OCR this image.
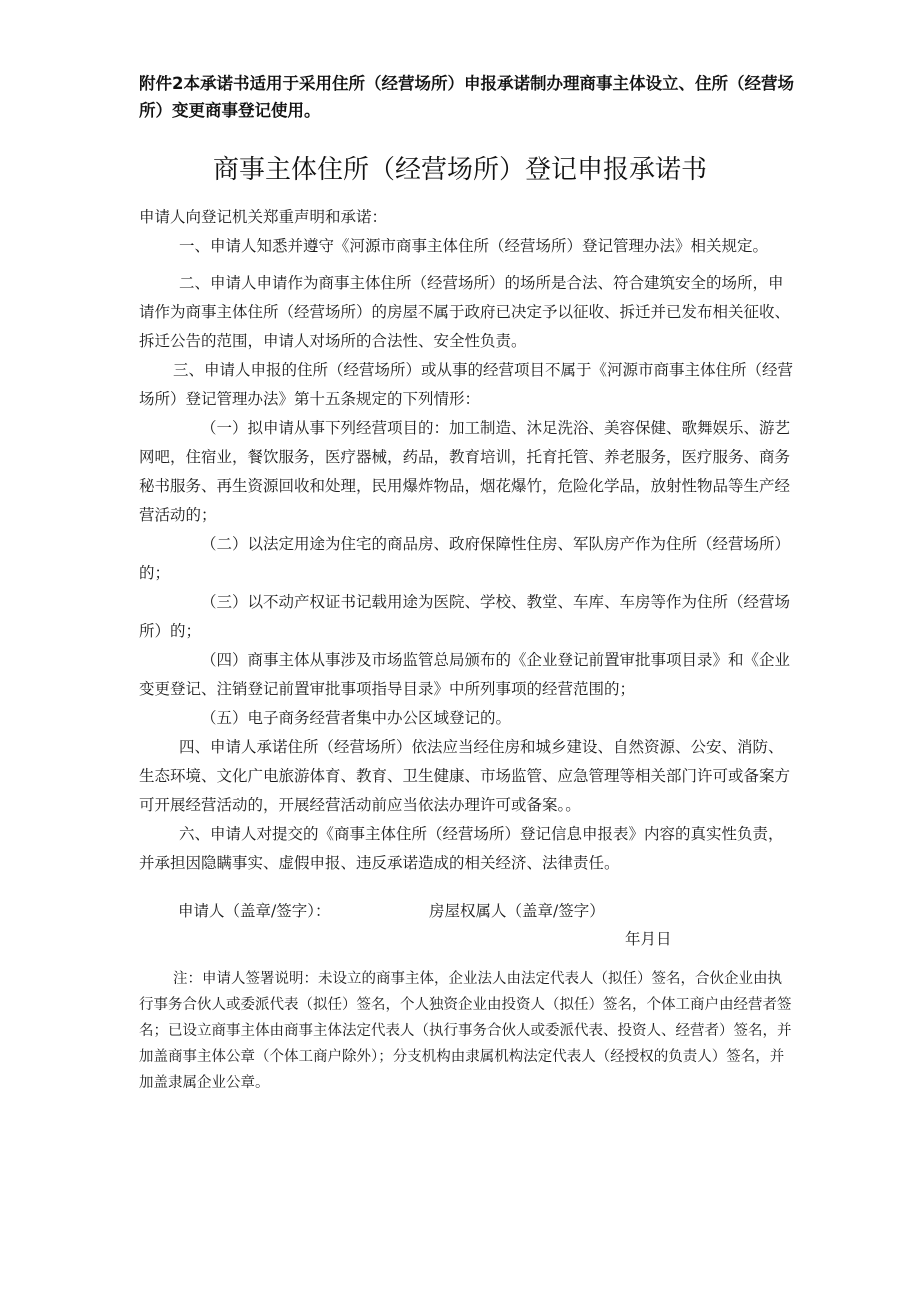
附件2本承诺书适用于采用住所（经营场所）申报承诺制办理商事主体设立、住所（经营场所）变更商事登记使用。
商事主体住所（经营场所）登记申报承诺书

申请人向登记机关郑重声明和承诺：

一、申请人知悉并遵守《河源市商事主体住所（经营场所）登记管理办法》相关规定。

二、申请人申请作为商事主体住所（经营场所）的场所是合法、符合建筑安全的场所，申请作为商事主体住所（经营场所）的房屋不属于政府已决定予以征收、拆迁并已发布相关征收、拆迁公告的范围，申请人对场所的合法性、安全性负责。

三、申请人申报的住所（经营场所）或从事的经营项目不属于《河源市商事主体住所（经营场所）登记管理办法》第十五条规定的下列情形：

（一）拟申请从事下列经营项目的：加工制造、沐足洗浴、美容保健、歌舞娱乐、游艺网吧，住宿业，餐饮服务，医疗器械，药品，教育培训，托育托管、养老服务，医疗服务、商务秘书服务、再生资源回收和处理，民用爆炸物品，烟花爆竹，危险化学品，放射性物品等生产经营活动的；

（二）以法定用途为住宅的商品房、政府保障性住房、军队房产作为住所（经营场所）的；

（三）以不动产权证书记载用途为医院、学校、教堂、车库、车房等作为住所（经营场所）的；

（四）商事主体从事涉及市场监管总局颁布的《企业登记前置审批事项目录》和《企业变更登记、注销登记前置审批事项指导目录》中所列事项的经营范围的；

（五）电子商务经营者集中办公区域登记的。

四、申请人承诺住所（经营场所）依法应当经住房和城乡建设、自然资源、公安、消防、生态环境、文化广电旅游体育、教育、卫生健康、市场监管、应急管理等相关部门许可或备案方可开展经营活动的，开展经营活动前应当依法办理许可或备案。。

六、申请人对提交的《商事主体住所（经营场所）登记信息申报表》内容的真实性负责，并承担因隐瞒事实、虚假申报、违反承诺造成的相关经济、法律责任。

申请人（盖章/签字）：	房屋权属人（盖章/签字）
年月日

注：申请人签署说明：未设立的商事主体，企业法人由法定代表人（拟任）签名，合伙企业由执行事务合伙人或委派代表（拟任）签名，个人独资企业由投资人（拟任）签名，个体工商户由经营者签名；已设立商事主体由商事主体法定代表人（执行事务合伙人或委派代表、投资人、经营者）签名，并加盖商事主体公章（个体工商户除外）；分支机构由隶属机构法定代表人（经授权的负责人）签名，并加盖隶属企业公章。
